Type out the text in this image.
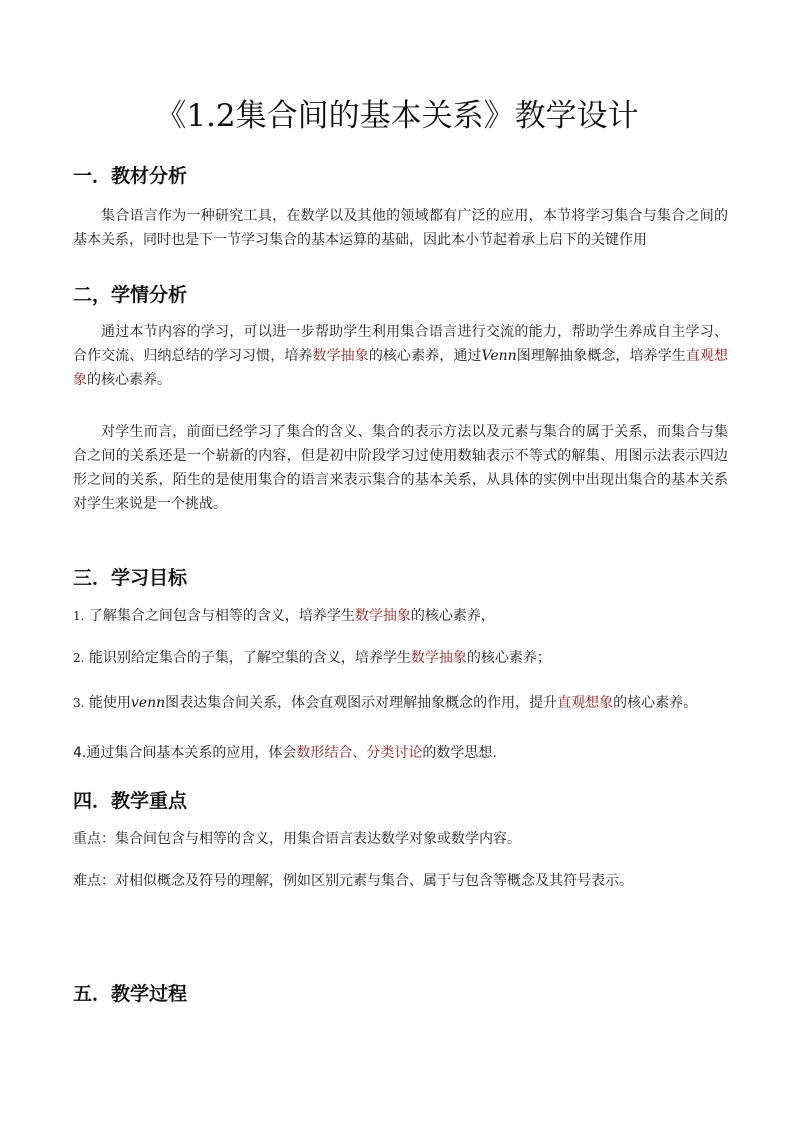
《1.2集合间的基本关系》教学设计
一．教材分析
集合语言作为一种研究工具，在数学以及其他的领域都有广泛的应用，本节将学习集合与集合之间的基本关系，同时也是下一节学习集合的基本运算的基础，因此本小节起着承上启下的关键作用
二，学情分析
通过本节内容的学习，可以进一步帮助学生利用集合语言进行交流的能力，帮助学生养成自主学习、合作交流、归纳总结的学习习惯，培养数学抽象的核心素养，通过Venn图理解抽象概念，培养学生直观想象的核心素养。
对学生而言，前面已经学习了集合的含义、集合的表示方法以及元素与集合的属于关系，而集合与集合之间的关系还是一个崭新的内容，但是初中阶段学习过使用数轴表示不等式的解集、用图示法表示四边形之间的关系，陌生的是使用集合的语言来表示集合的基本关系，从具体的实例中出现出集合的基本关系对学生来说是一个挑战。
三．学习目标
1. 了解集合之间包含与相等的含义，培养学生数学抽象的核心素养，
2. 能识别给定集合的子集，了解空集的含义，培养学生数学抽象的核心素养；
3. 能使用venn图表达集合间关系，体会直观图示对理解抽象概念的作用，提升直观想象的核心素养。
4.通过集合间基本关系的应用，体会数形结合、分类讨论的数学思想.
四．教学重点
重点：集合间包含与相等的含义，用集合语言表达数学对象或数学内容。
难点：对相似概念及符号的理解，例如区别元素与集合、属于与包含等概念及其符号表示。
五．教学过程
